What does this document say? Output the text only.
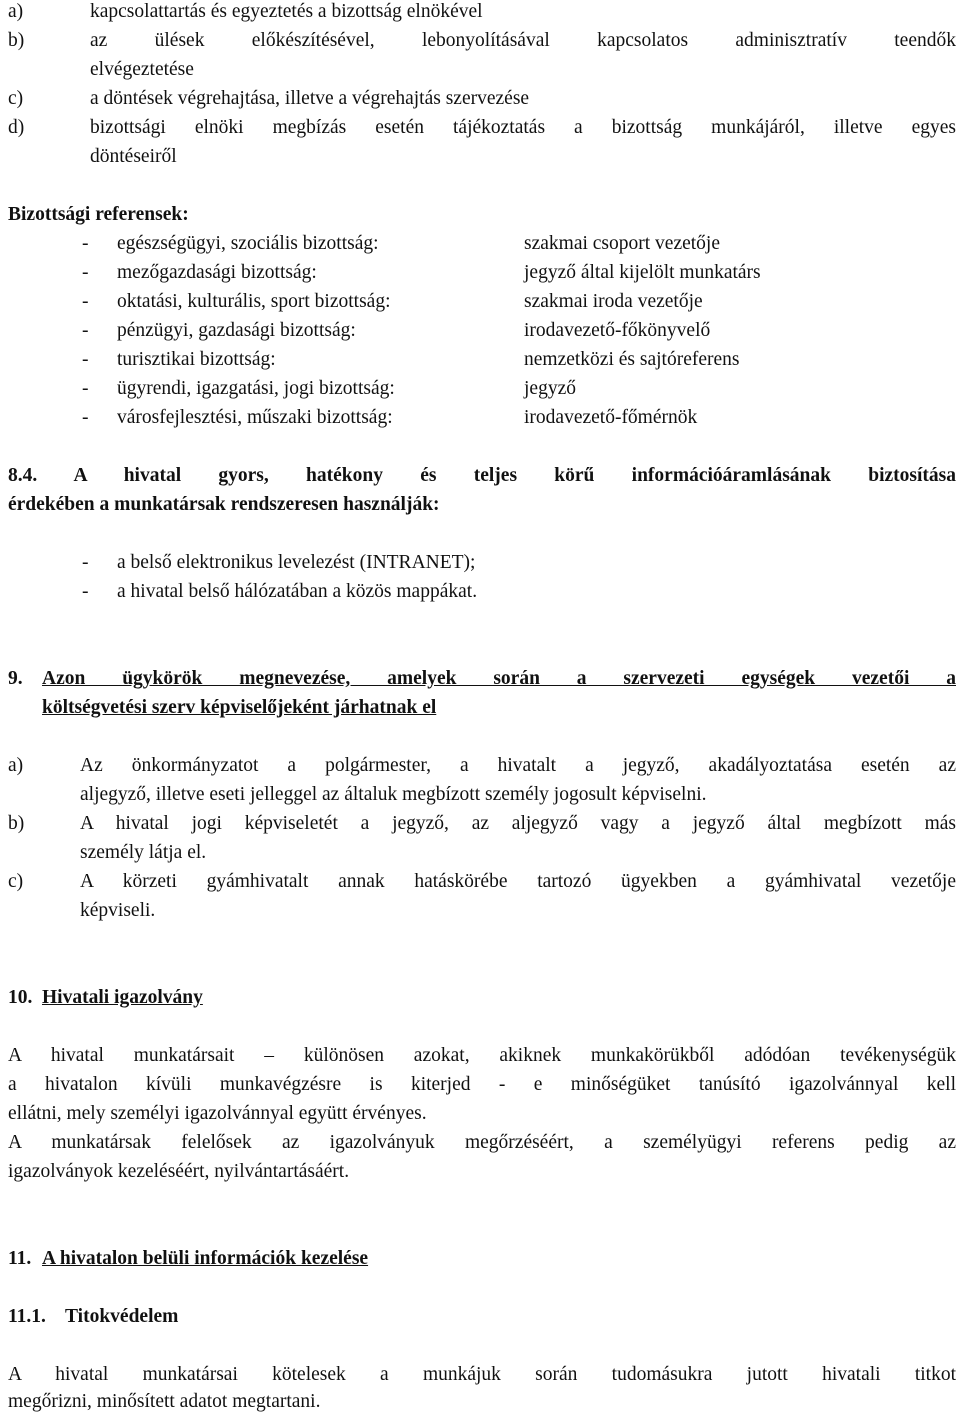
a)	kapcsolattartás és egyeztetés a bizottság elnökével
b)	az ülések előkészítésével, lebonyolításával kapcsolatos adminisztratív teendők
elvégeztetése
c)	a döntések végrehajtása, illetve a végrehajtás szervezése
d)	bizottsági elnöki megbízás esetén tájékoztatás a bizottság munkájáról, illetve egyes
döntéseiről
Bizottsági referensek:
- egészségügyi, szociális bizottság:	szakmai csoport vezetője
- mezőgazdasági bizottság:	jegyző által kijelölt munkatárs
- oktatási, kulturális, sport bizottság:	szakmai iroda vezetője
- pénzügyi, gazdasági bizottság:	irodavezető-főkönyvelő
- turisztikai bizottság:	nemzetközi és sajtóreferens
- ügyrendi, igazgatási, jogi bizottság:	jegyző
- városfejlesztési, műszaki bizottság:	irodavezető-főmérnök
8.4. A hivatal gyors, hatékony és teljes körű információáramlásának biztosítása
érdekében a munkatársak rendszeresen használják:
- a belső elektronikus levelezést (INTRANET);
- a hivatal belső hálózatában a közös mappákat.
9. Azon ügykörök megnevezése, amelyek során a szervezeti egységek vezetői a
költségvetési szerv képviselőjeként járhatnak el
a)	Az önkormányzatot a polgármester, a hivatalt a jegyző, akadályoztatása esetén az
aljegyző, illetve eseti jelleggel az általuk megbízott személy jogosult képviselni.
b)	A hivatal jogi képviseletét a jegyző, az aljegyző vagy a jegyző által megbízott más
személy látja el.
c)	A körzeti gyámhivatalt annak hatáskörébe tartozó ügyekben a gyámhivatal vezetője
képviseli.
10. Hivatali igazolvány
A hivatal munkatársait – különösen azokat, akiknek munkakörükből adódóan tevékenységük
a hivatalon kívüli munkavégzésre is kiterjed - e minőségüket tanúsító igazolvánnyal kell
ellátni, mely személyi igazolvánnyal együtt érvényes.
A munkatársak felelősek az igazolványuk megőrzéséért, a személyügyi referens pedig az
igazolványok kezeléséért, nyilvántartásáért.
11. A hivatalon belüli információk kezelése
11.1. Titokvédelem
A hivatal munkatársai kötelesek a munkájuk során tudomásukra jutott hivatali titkot
megőrizni, minősített adatot megtartani.
